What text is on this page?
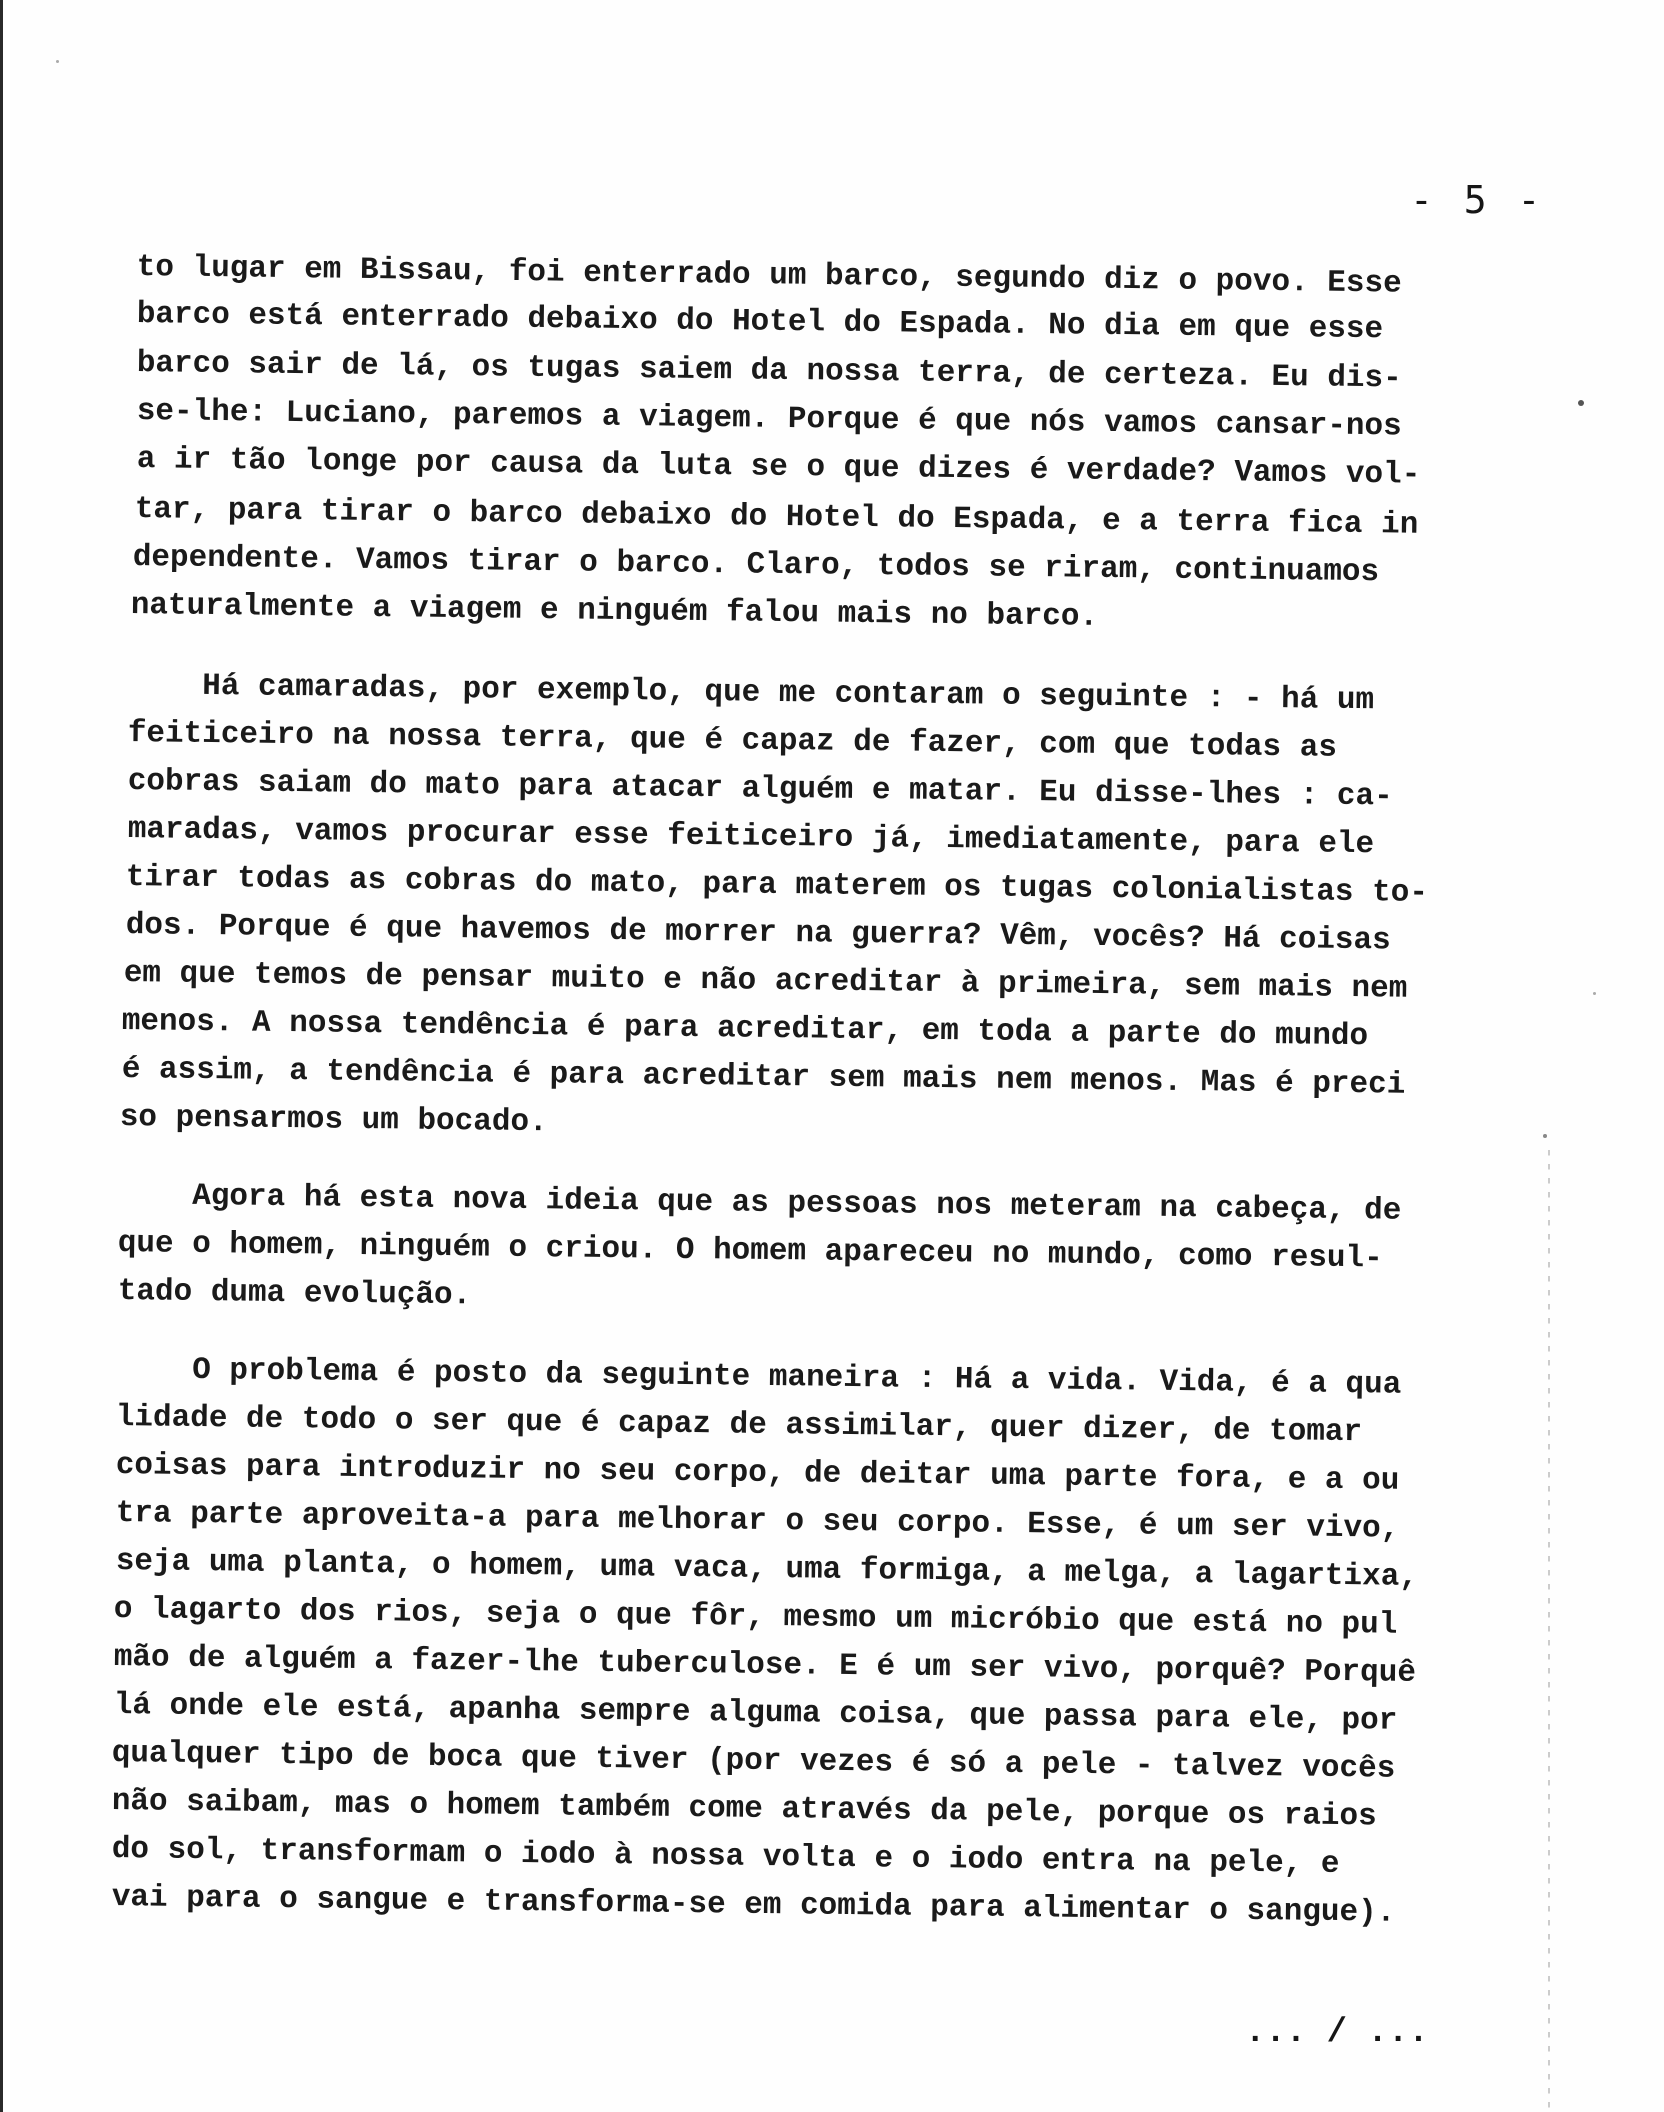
- 5 -
to lugar em Bissau, foi enterrado um barco, segundo diz o povo. Esse
barco está enterrado debaixo do Hotel do Espada. No dia em que esse
barco sair de lá, os tugas saiem da nossa terra, de certeza. Eu dis-
se-lhe: Luciano, paremos a viagem. Porque é que nós vamos cansar-nos
a ir tão longe por causa da luta se o que dizes é verdade? Vamos vol-
tar, para tirar o barco debaixo do Hotel do Espada, e a terra fica in
dependente. Vamos tirar o barco. Claro, todos se riram, continuamos
naturalmente a viagem e ninguém falou mais no barco.
Há camaradas, por exemplo, que me contaram o seguinte : - há um
feiticeiro na nossa terra, que é capaz de fazer, com que todas as
cobras saiam do mato para atacar alguém e matar. Eu disse-lhes : ca-
maradas, vamos procurar esse feiticeiro já, imediatamente, para ele
tirar todas as cobras do mato, para materem os tugas colonialistas to-
dos. Porque é que havemos de morrer na guerra? Vêm, vocês? Há coisas
em que temos de pensar muito e não acreditar à primeira, sem mais nem
menos. A nossa tendência é para acreditar, em toda a parte do mundo
é assim, a tendência é para acreditar sem mais nem menos. Mas é preci
so pensarmos um bocado.
Agora há esta nova ideia que as pessoas nos meteram na cabeça, de
que o homem, ninguém o criou. O homem apareceu no mundo, como resul-
tado duma evolução.
O problema é posto da seguinte maneira : Há a vida. Vida, é a qua
lidade de todo o ser que é capaz de assimilar, quer dizer, de tomar
coisas para introduzir no seu corpo, de deitar uma parte fora, e a ou
tra parte aproveita-a para melhorar o seu corpo. Esse, é um ser vivo,
seja uma planta, o homem, uma vaca, uma formiga, a melga, a lagartixa,
o lagarto dos rios, seja o que fôr, mesmo um micróbio que está no pul
mão de alguém a fazer-lhe tuberculose. E é um ser vivo, porquê? Porquê
lá onde ele está, apanha sempre alguma coisa, que passa para ele, por
qualquer tipo de boca que tiver (por vezes é só a pele - talvez vocês
não saibam, mas o homem também come através da pele, porque os raios
do sol, transformam o iodo à nossa volta e o iodo entra na pele, e
vai para o sangue e transforma-se em comida para alimentar o sangue).
... / ...
